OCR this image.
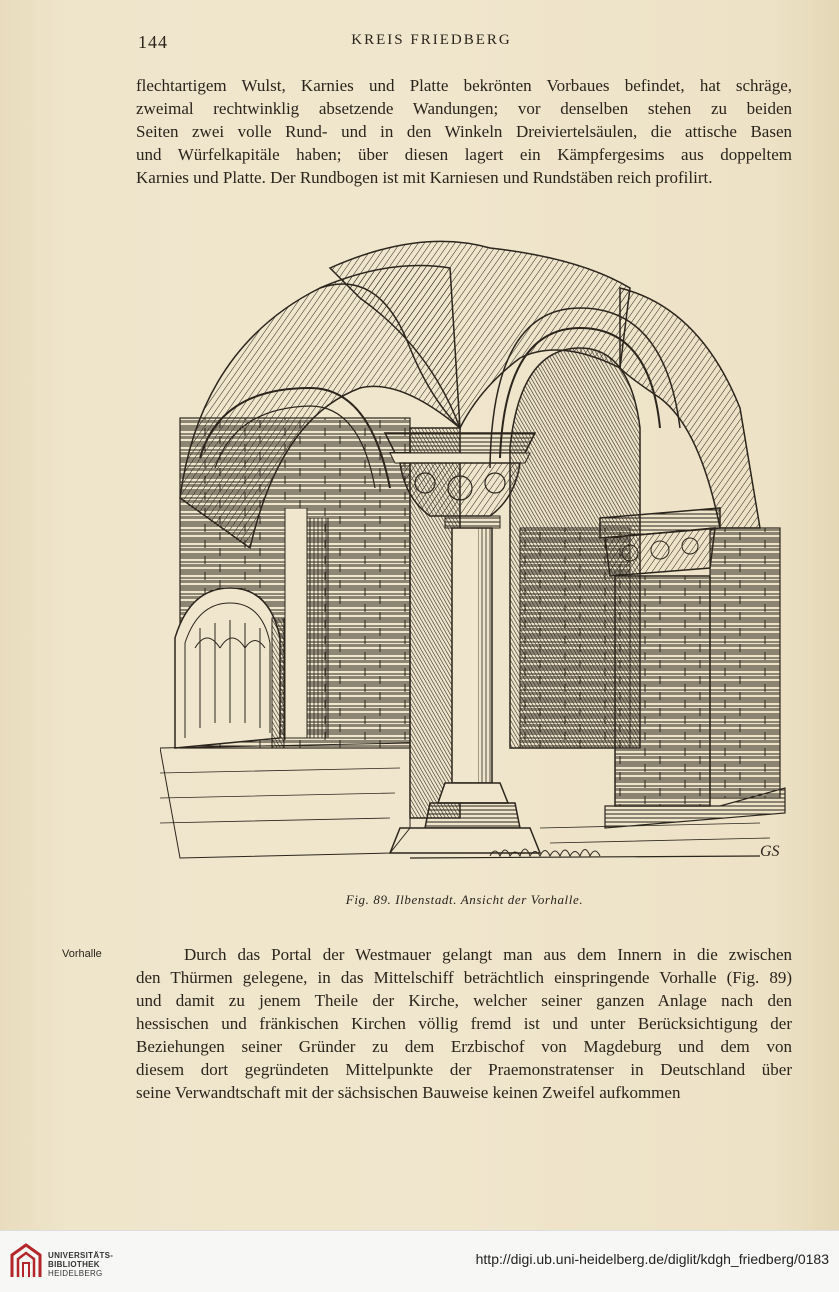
144	KREIS FRIEDBERG

flechtartigem Wulst, Karnies und Platte bekrönten Vorbaues befindet, hat schräge,
zweimal rechtwinklig absetzende Wandungen; vor denselben stehen zu beiden
Seiten zwei volle Rund- und in den Winkeln Dreiviertelsäulen, die attische Basen
und Würfelkapitäle haben; über diesen lagert ein Kämpfergesims aus doppeltem
Karnies und Platte. Der Rundbogen ist mit Karniesen und Rundstäben reich profilirt.

GS
Fig. 89. Ilbenstadt. Ansicht der Vorhalle.
Vorhalle	Durch das Portal der Westmauer gelangt man aus dem Innern in die zwischen
den Thürmen gelegene, in das Mittelschiff beträchtlich einspringende Vorhalle (Fig. 89)
und damit zu jenem Theile der Kirche, welcher seiner ganzen Anlage nach den
hessischen und fränkischen Kirchen völlig fremd ist und unter Berücksichtigung der
Beziehungen seiner Gründer zu dem Erzbischof von Magdeburg und dem von
diesem dort gegründeten Mittelpunkte der Praemonstratenser in Deutschland über
seine Verwandtschaft mit der sächsischen Bauweise keinen Zweifel aufkommen

UNIVERSITÄTS-
BIBLIOTHEK
HEIDELBERG
http://digi.ub.uni-heidelberg.de/diglit/kdgh_friedberg/0183
